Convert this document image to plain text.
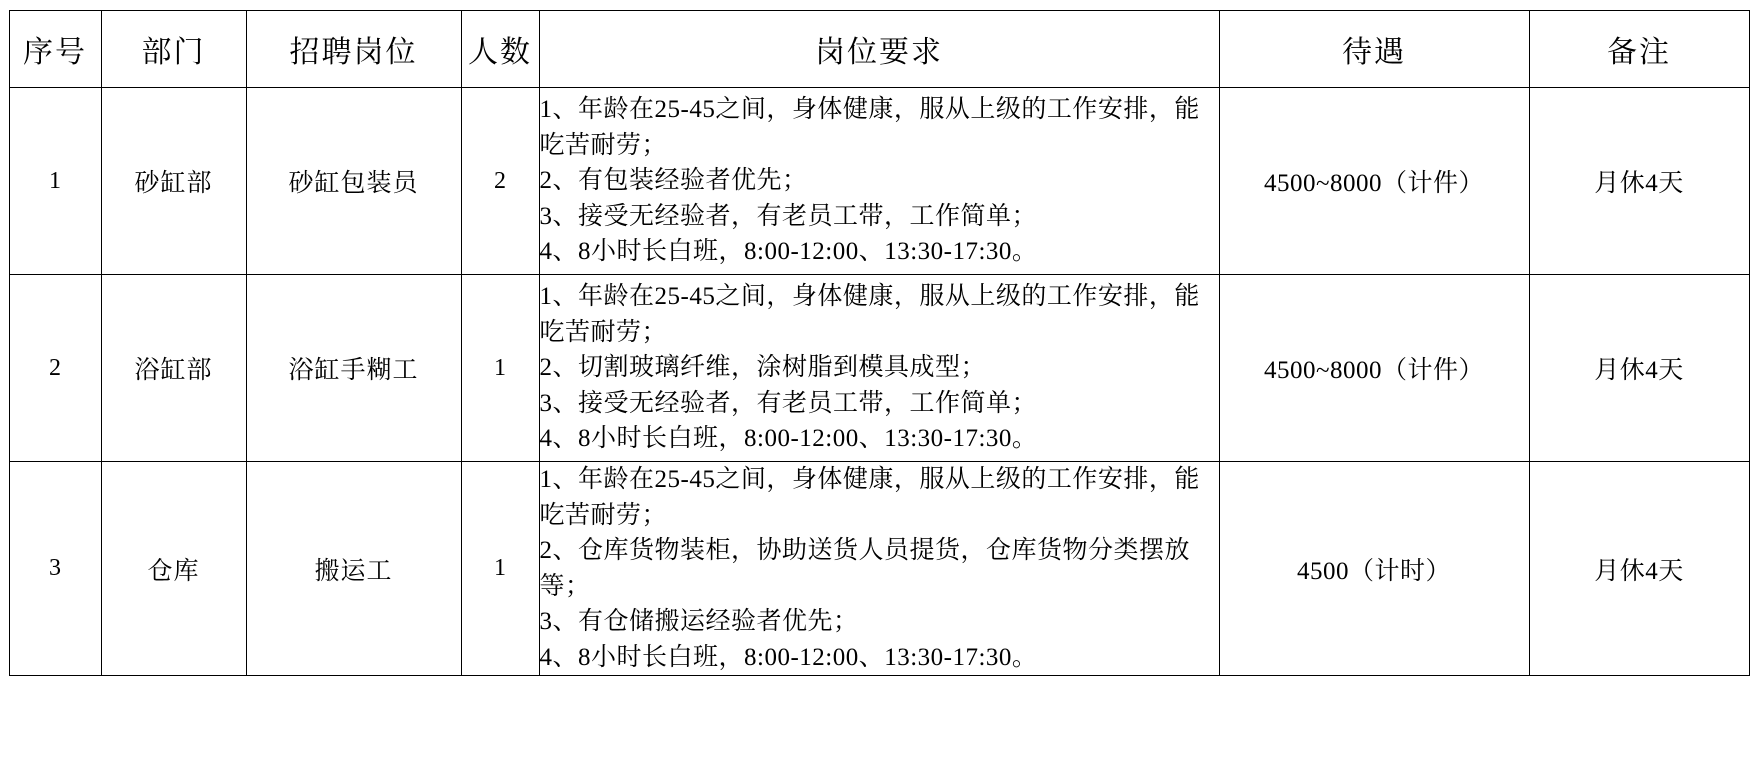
序号	部门	招聘岗位	人数	岗位要求	待遇	备注
1	砂缸部	砂缸包装员	2	1、年龄在25-45之间，身体健康，服从上级的工作安排，能吃苦耐劳；
2、有包装经验者优先；
3、接受无经验者，有老员工带，工作简单；
4、8小时长白班，8:00-12:00、13:30-17:30。	4500~8000（计件）	月休4天
2	浴缸部	浴缸手糊工	1	1、年龄在25-45之间，身体健康，服从上级的工作安排，能吃苦耐劳；
2、切割玻璃纤维，涂树脂到模具成型；
3、接受无经验者，有老员工带，工作简单；
4、8小时长白班，8:00-12:00、13:30-17:30。	4500~8000（计件）	月休4天
3	仓库	搬运工	1	1、年龄在25-45之间，身体健康，服从上级的工作安排，能吃苦耐劳；
2、仓库货物装柜，协助送货人员提货，仓库货物分类摆放等；
3、有仓储搬运经验者优先；
4、8小时长白班，8:00-12:00、13:30-17:30。	4500（计时）	月休4天
